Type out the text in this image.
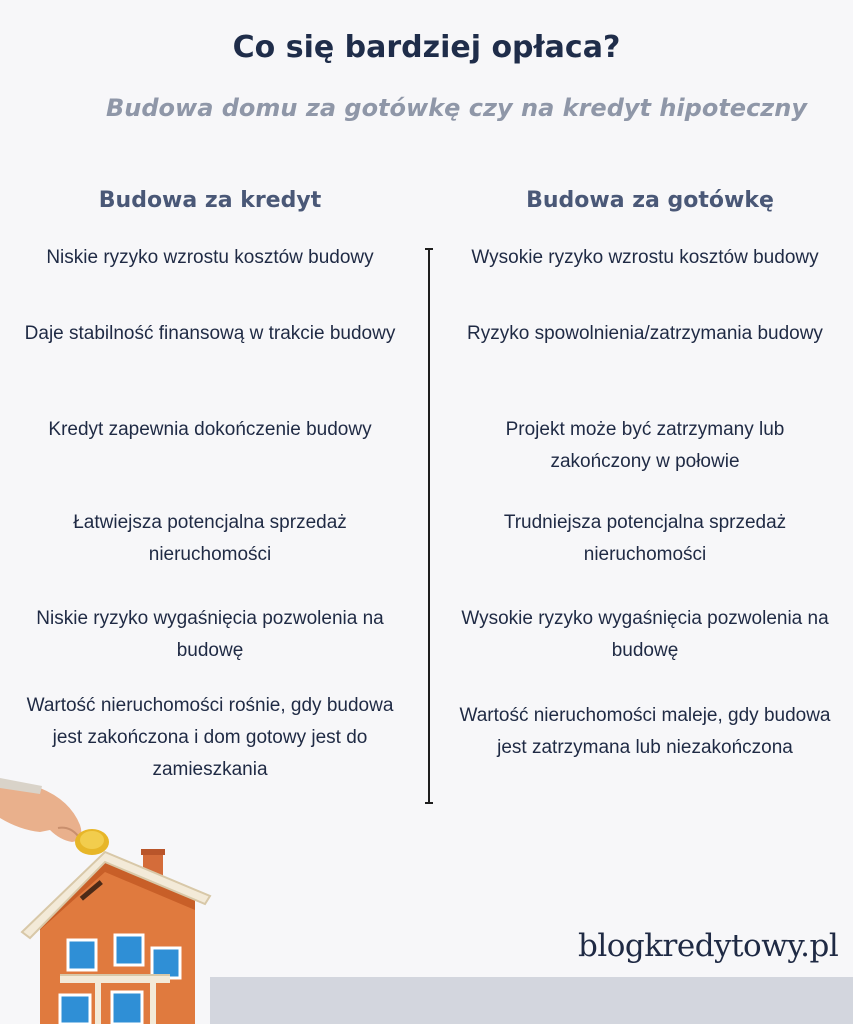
Co się bardziej opłaca?
Budowa domu za gotówkę czy na kredyt hipoteczny
Budowa za kredyt	Budowa za gotówkę
Niskie ryzyko wzrostu kosztów budowy
Daje stabilność finansową w trakcie budowy
Kredyt zapewnia dokończenie budowy
Łatwiejsza potencjalna sprzedaż nieruchomości
Niskie ryzyko wygaśnięcia pozwolenia na budowę
Wartość nieruchomości rośnie, gdy budowa jest zakończona i dom gotowy jest do zamieszkania
Wysokie ryzyko wzrostu kosztów budowy
Ryzyko spowolnienia/zatrzymania budowy
Projekt może być zatrzymany lub zakończony w połowie
Trudniejsza potencjalna sprzedaż nieruchomości
Wysokie ryzyko wygaśnięcia pozwolenia na budowę
Wartość nieruchomości maleje, gdy budowa jest zatrzymana lub niezakończona
blogkredytowy.pl
